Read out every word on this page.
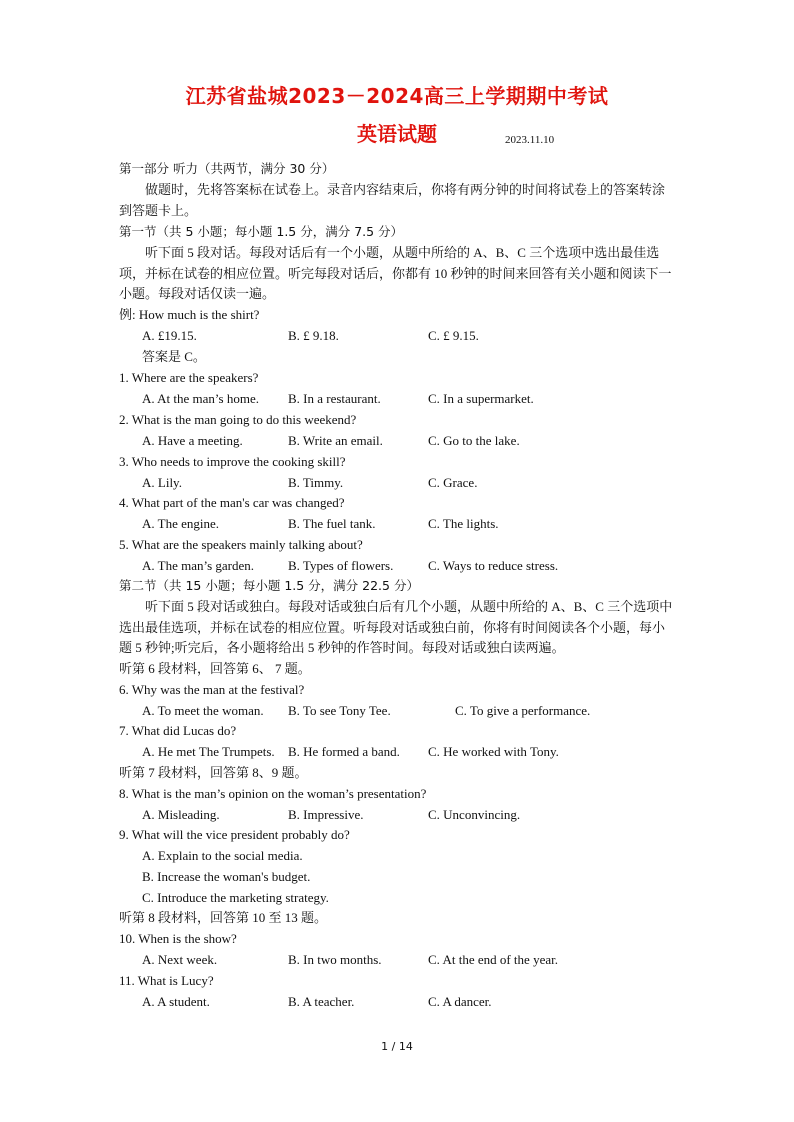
江苏省盐城2023－2024高三上学期期中考试
英语试题	2023.11.10
第一部分 听力（共两节，满分 30 分）
做题时，先将答案标在试卷上。录音内容结束后，你将有两分钟的时间将试卷上的答案转涂到答题卡上。
第一节（共 5 小题；每小题 1.5 分，满分 7.5 分）
听下面 5 段对话。每段对话后有一个小题，从题中所给的 A、B、C 三个选项中选出最佳选项，并标在试卷的相应位置。听完每段对话后，你都有 10 秒钟的时间来回答有关小题和阅读下一小题。每段对话仅读一遍。
例: How much is the shirt?
A. £19.15.	B. £ 9.18.	C. £ 9.15.
答案是 C。
1. Where are the speakers?
A. At the man’s home. B. In a restaurant.	C. In a supermarket.
2. What is the man going to do this weekend?
A. Have a meeting.	B. Write an email.	C. Go to the lake.
3. Who needs to improve the cooking skill?
A. Lily.	B. Timmy.	C. Grace.
4. What part of the man's car was changed?
A. The engine.	B. The fuel tank.	C. The lights.
5. What are the speakers mainly talking about?
A. The man’s garden.	B. Types of flowers.	C. Ways to reduce stress.
第二节（共 15 小题；每小题 1.5 分，满分 22.5 分）
听下面 5 段对话或独白。每段对话或独白后有几个小题，从题中所给的 A、B、C 三个选项中选出最佳选项，并标在试卷的相应位置。听每段对话或独白前，你将有时间阅读各个小题，每小题 5 秒钟;听完后，各小题将给出 5 秒钟的作答时间。每段对话或独白读两遍。
听第 6 段材料，回答第 6、 7 题。
6. Why was the man at the festival?
A. To meet the woman. B. To see Tony Tee.	C. To give a performance.
7. What did Lucas do?
A. He met The Trumpets. B. He formed a band. C. He worked with Tony.
听第 7 段材料，回答第 8、9 题。
8. What is the man’s opinion on the woman’s presentation?
A. Misleading.	B. Impressive.	C. Unconvincing.
9. What will the vice president probably do?
A. Explain to the social media.
B. Increase the woman's budget.
C. Introduce the marketing strategy.
听第 8 段材料，回答第 10 至 13 题。
10. When is the show?
A. Next week.	B. In two months.	C. At the end of the year.
11. What is Lucy?
A. A student.	B. A teacher.	C. A dancer.
1 / 14
